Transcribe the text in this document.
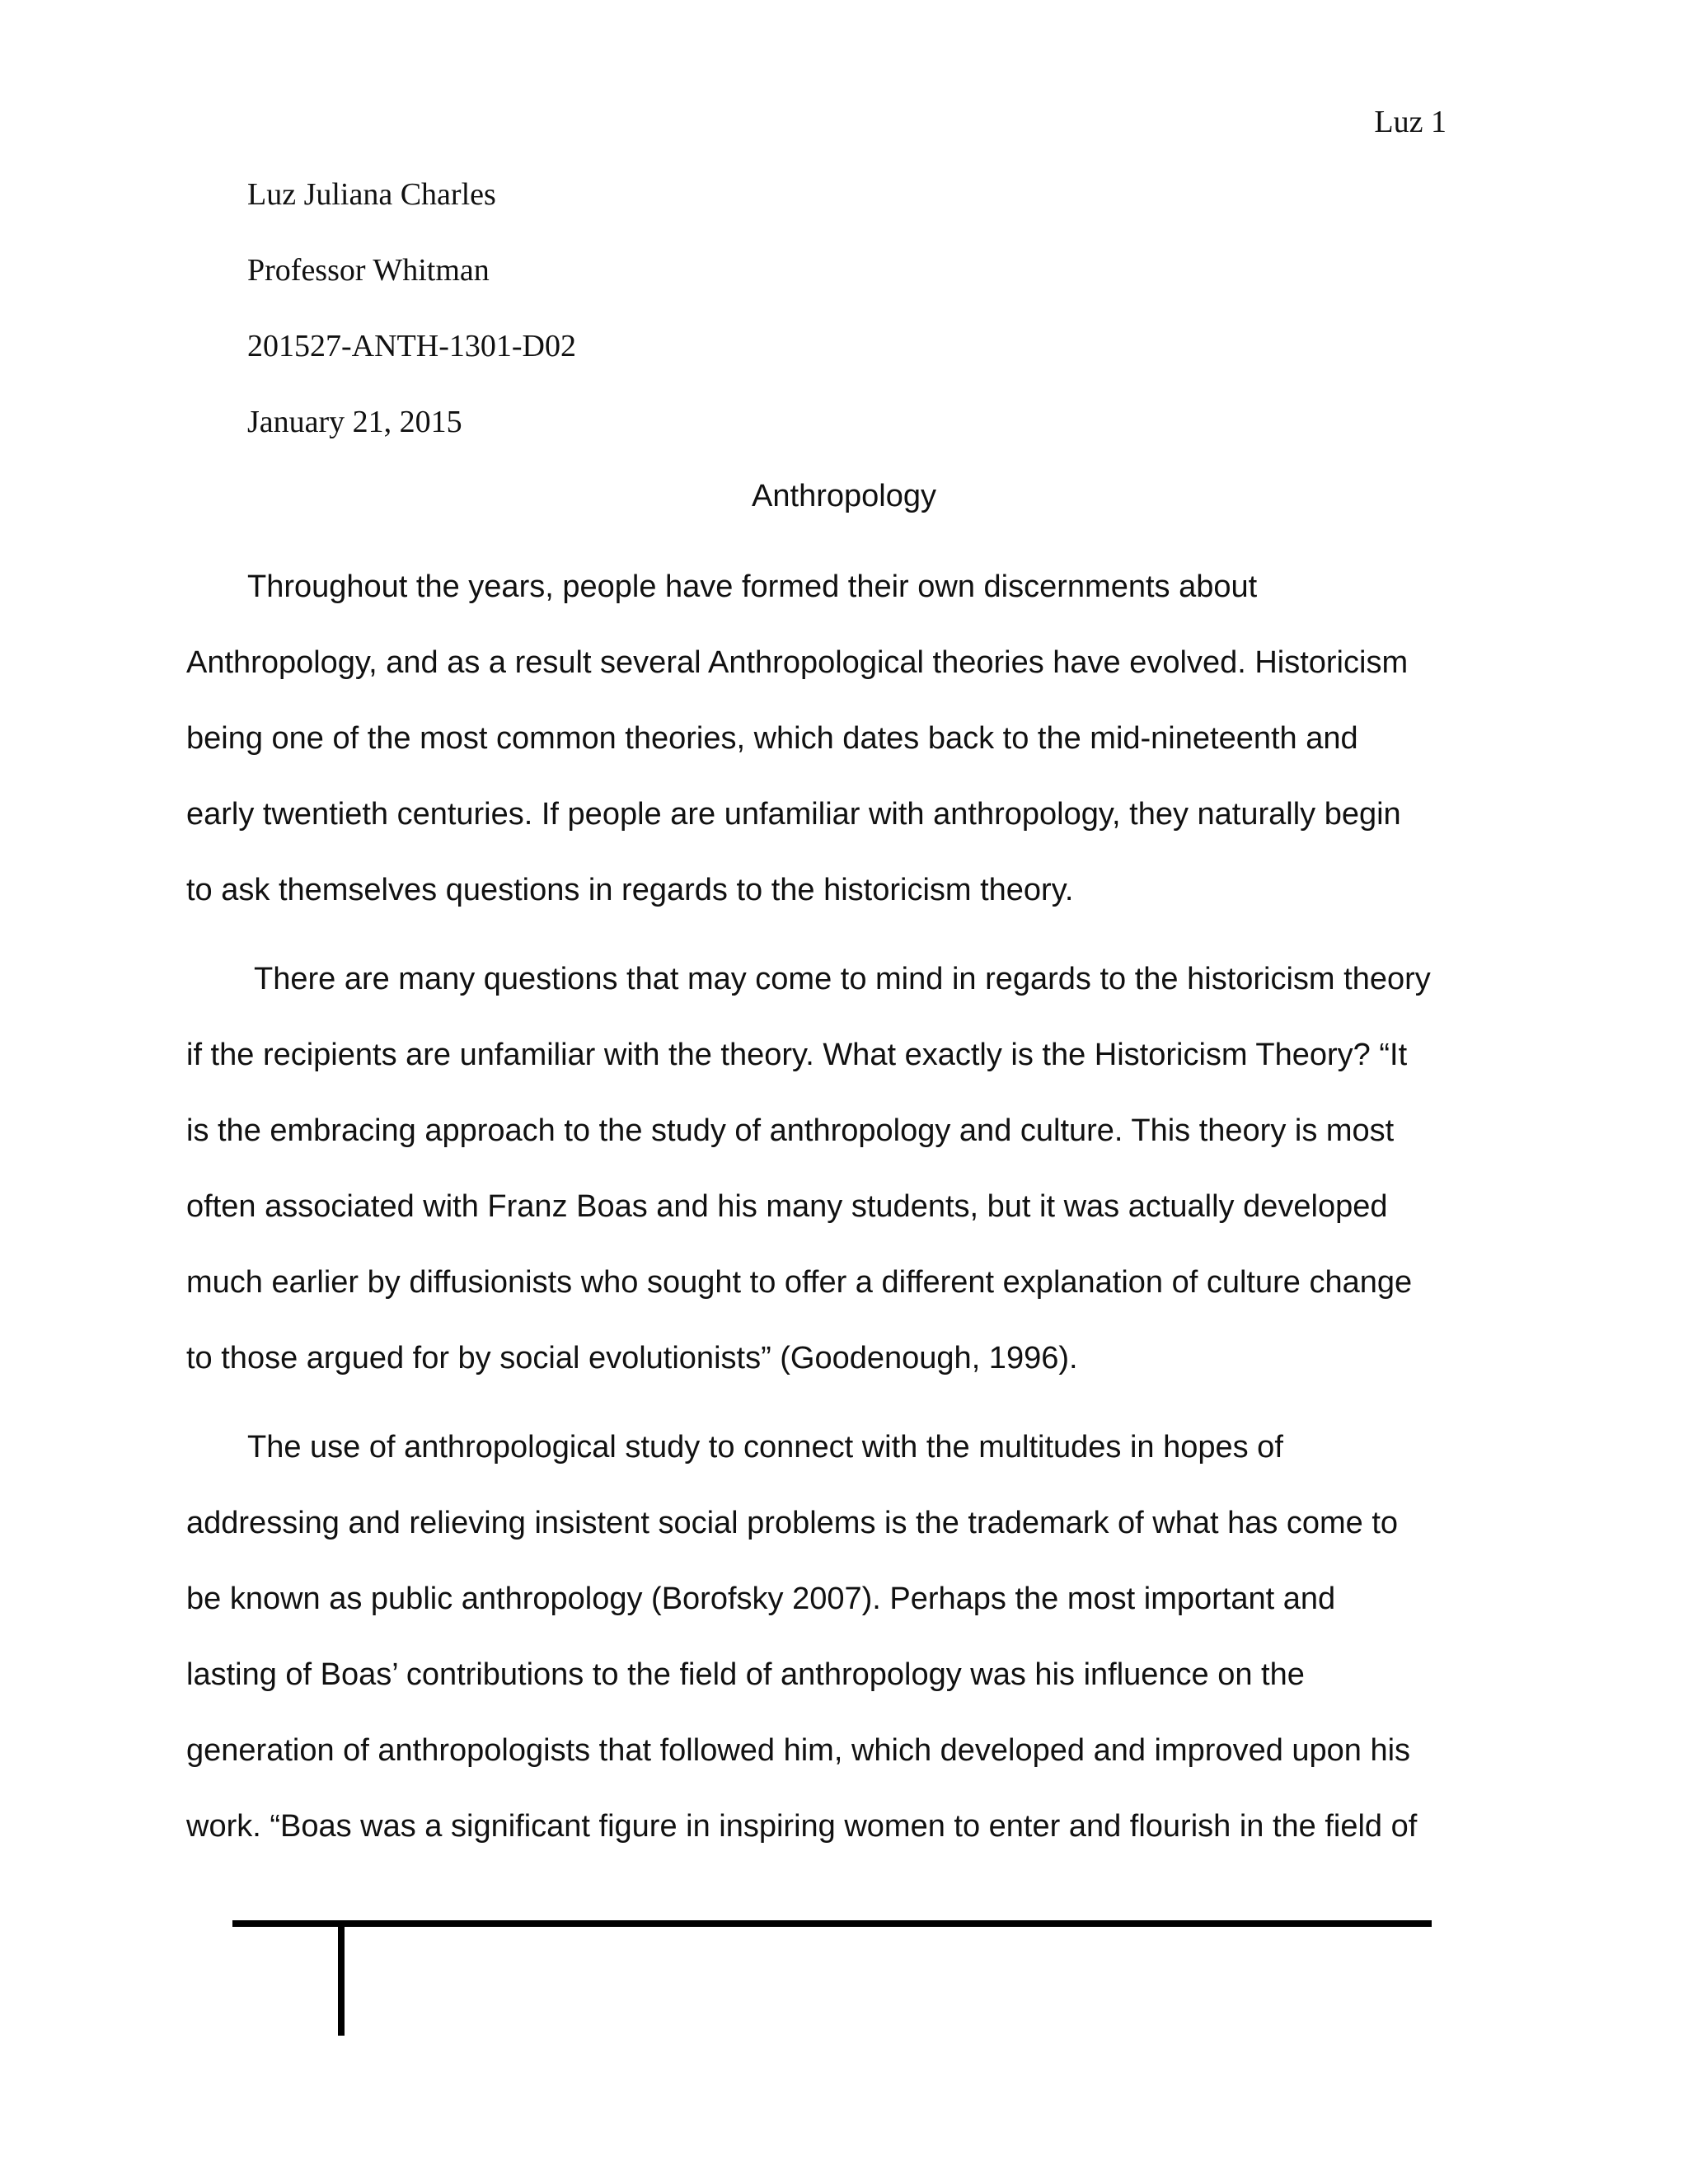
Luz 1
Luz Juliana Charles
Professor Whitman
201527-ANTH-1301-D02
January 21, 2015
Anthropology
Throughout the years, people have formed their own discernments about
Anthropology, and as a result several Anthropological theories have evolved. Historicism
being one of the most common theories, which dates back to the mid-nineteenth and
early twentieth centuries. If people are unfamiliar with anthropology, they naturally begin
to ask themselves questions in regards to the historicism theory.
There are many questions that may come to mind in regards to the historicism theory
if the recipients are unfamiliar with the theory. What exactly is the Historicism Theory? “It
is the embracing approach to the study of anthropology and culture. This theory is most
often associated with Franz Boas and his many students, but it was actually developed
much earlier by diffusionists who sought to offer a different explanation of culture change
to those argued for by social evolutionists” (Goodenough, 1996).
The use of anthropological study to connect with the multitudes in hopes of
addressing and relieving insistent social problems is the trademark of what has come to
be known as public anthropology (Borofsky 2007). Perhaps the most important and
lasting of Boas’ contributions to the field of anthropology was his influence on the
generation of anthropologists that followed him, which developed and improved upon his
work. “Boas was a significant figure in inspiring women to enter and flourish in the field of
